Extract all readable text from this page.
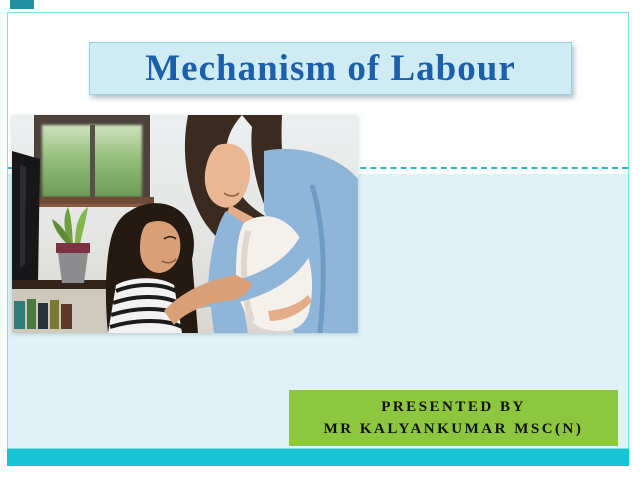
Mechanism of Labour
PRESENTED BY
MR KALYANKUMAR MSC(N)
